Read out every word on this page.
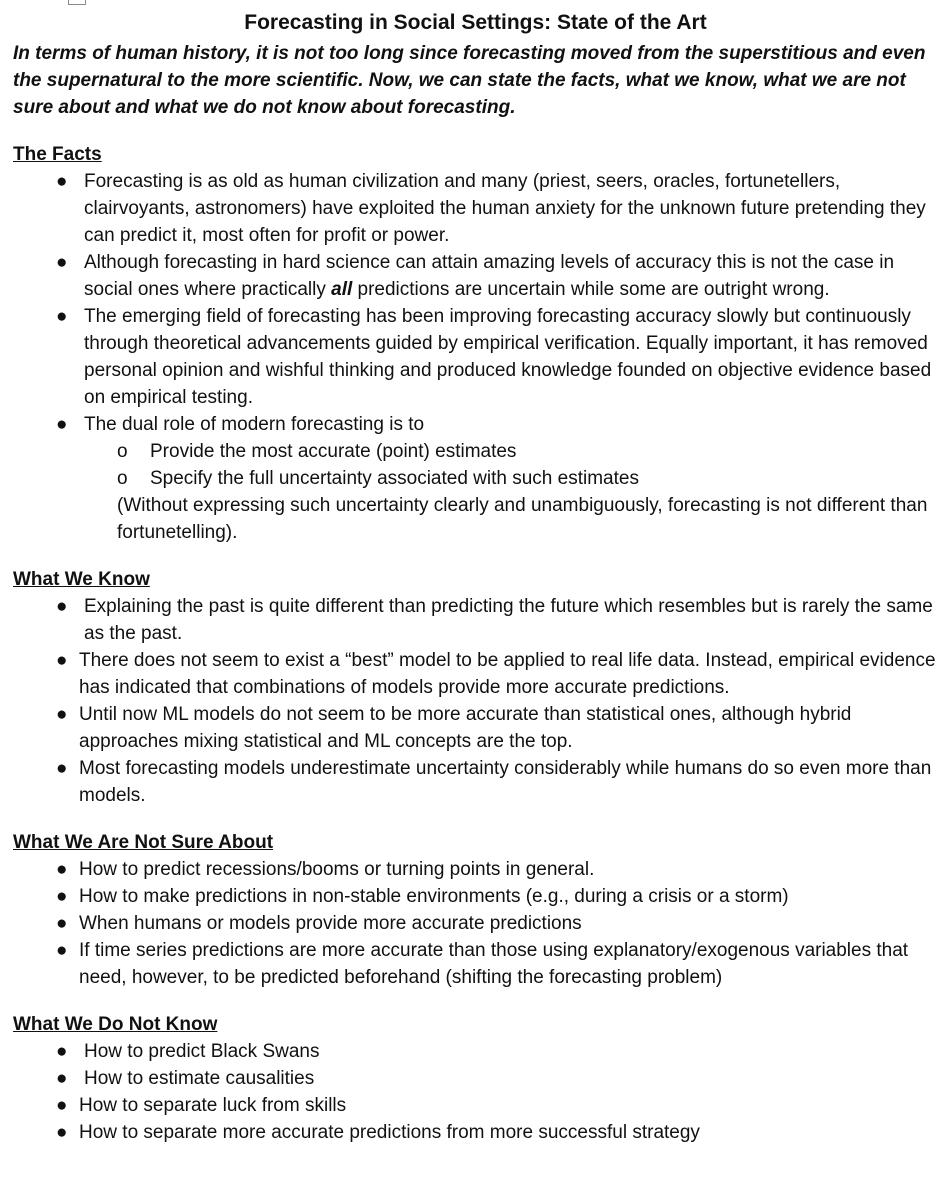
Forecasting in Social Settings: State of the Art

In terms of human history, it is not too long since forecasting moved from the superstitious and even the supernatural to the more scientific. Now, we can state the facts, what we know, what we are not sure about and what we do not know about forecasting.

The Facts

● Forecasting is as old as human civilization and many (priest, seers, oracles, fortunetellers, clairvoyants, astronomers) have exploited the human anxiety for the unknown future pretending they can predict it, most often for profit or power.
● Although forecasting in hard science can attain amazing levels of accuracy this is not the case in social ones where practically all predictions are uncertain while some are outright wrong.
● The emerging field of forecasting has been improving forecasting accuracy slowly but continuously through theoretical advancements guided by empirical verification. Equally important, it has removed personal opinion and wishful thinking and produced knowledge founded on objective evidence based on empirical testing.
● The dual role of modern forecasting is to
o Provide the most accurate (point) estimates
o Specify the full uncertainty associated with such estimates
(Without expressing such uncertainty clearly and unambiguously, forecasting is not different than fortunetelling).

What We Know

● Explaining the past is quite different than predicting the future which resembles but is rarely the same as the past.
● There does not seem to exist a “best” model to be applied to real life data. Instead, empirical evidence has indicated that combinations of models provide more accurate predictions.
● Until now ML models do not seem to be more accurate than statistical ones, although hybrid approaches mixing statistical and ML concepts are the top.
● Most forecasting models underestimate uncertainty considerably while humans do so even more than models.

What We Are Not Sure About

● How to predict recessions/booms or turning points in general.
● How to make predictions in non-stable environments (e.g., during a crisis or a storm)
● When humans or models provide more accurate predictions
● If time series predictions are more accurate than those using explanatory/exogenous variables that need, however, to be predicted beforehand (shifting the forecasting problem)

What We Do Not Know

● How to predict Black Swans
● How to estimate causalities
● How to separate luck from skills
● How to separate more accurate predictions from more successful strategy
